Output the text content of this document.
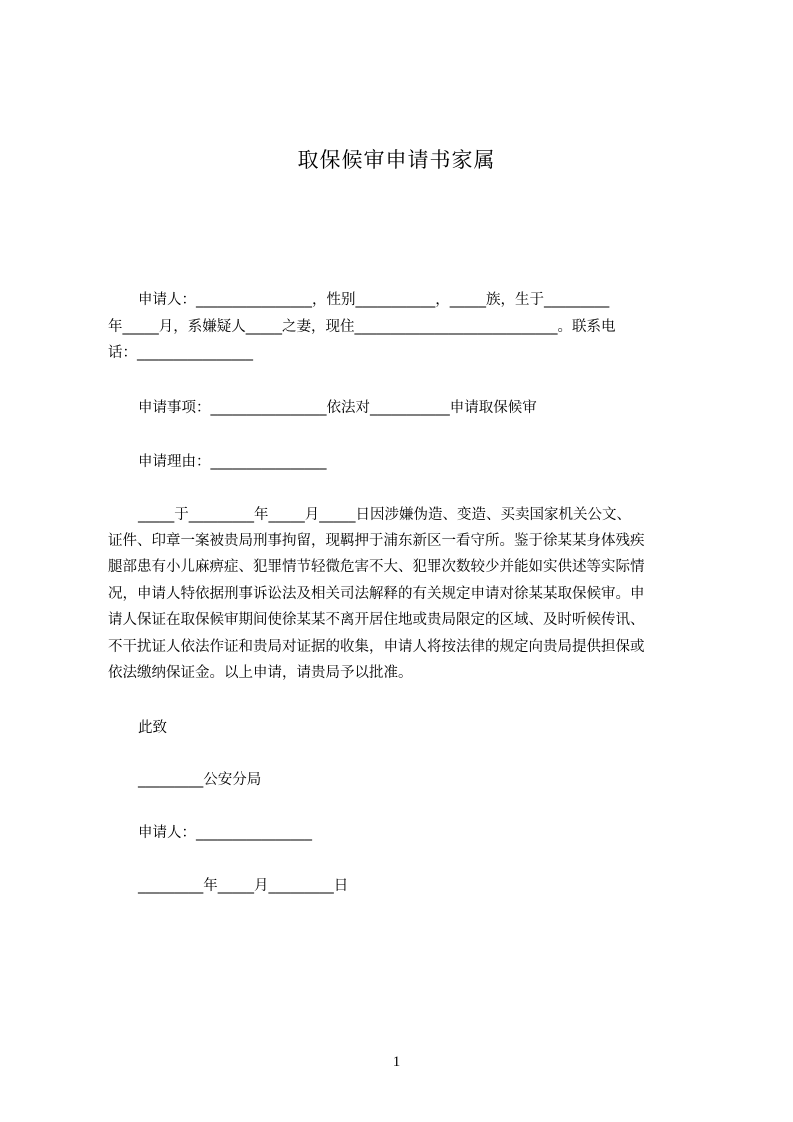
取保候审申请书家属
申请人：________________，性别___________，_____族，生于_________
年_____月，系嫌疑人_____之妻，现住____________________________。联系电
话：________________
申请事项：________________依法对___________申请取保候审
申请理由：________________
_____于_________年_____月_____日因涉嫌伪造、变造、买卖国家机关公文、
证件、印章一案被贵局刑事拘留，现羁押于浦东新区一看守所。鉴于徐某某身体残疾
腿部患有小儿麻痹症、犯罪情节轻微危害不大、犯罪次数较少并能如实供述等实际情
况，申请人特依据刑事诉讼法及相关司法解释的有关规定申请对徐某某取保候审。申
请人保证在取保候审期间使徐某某不离开居住地或贵局限定的区域、及时听候传讯、
不干扰证人依法作证和贵局对证据的收集，申请人将按法律的规定向贵局提供担保或
依法缴纳保证金。以上申请，请贵局予以批准。
此致
_________公安分局
申请人：________________
_________年_____月_________日
1
